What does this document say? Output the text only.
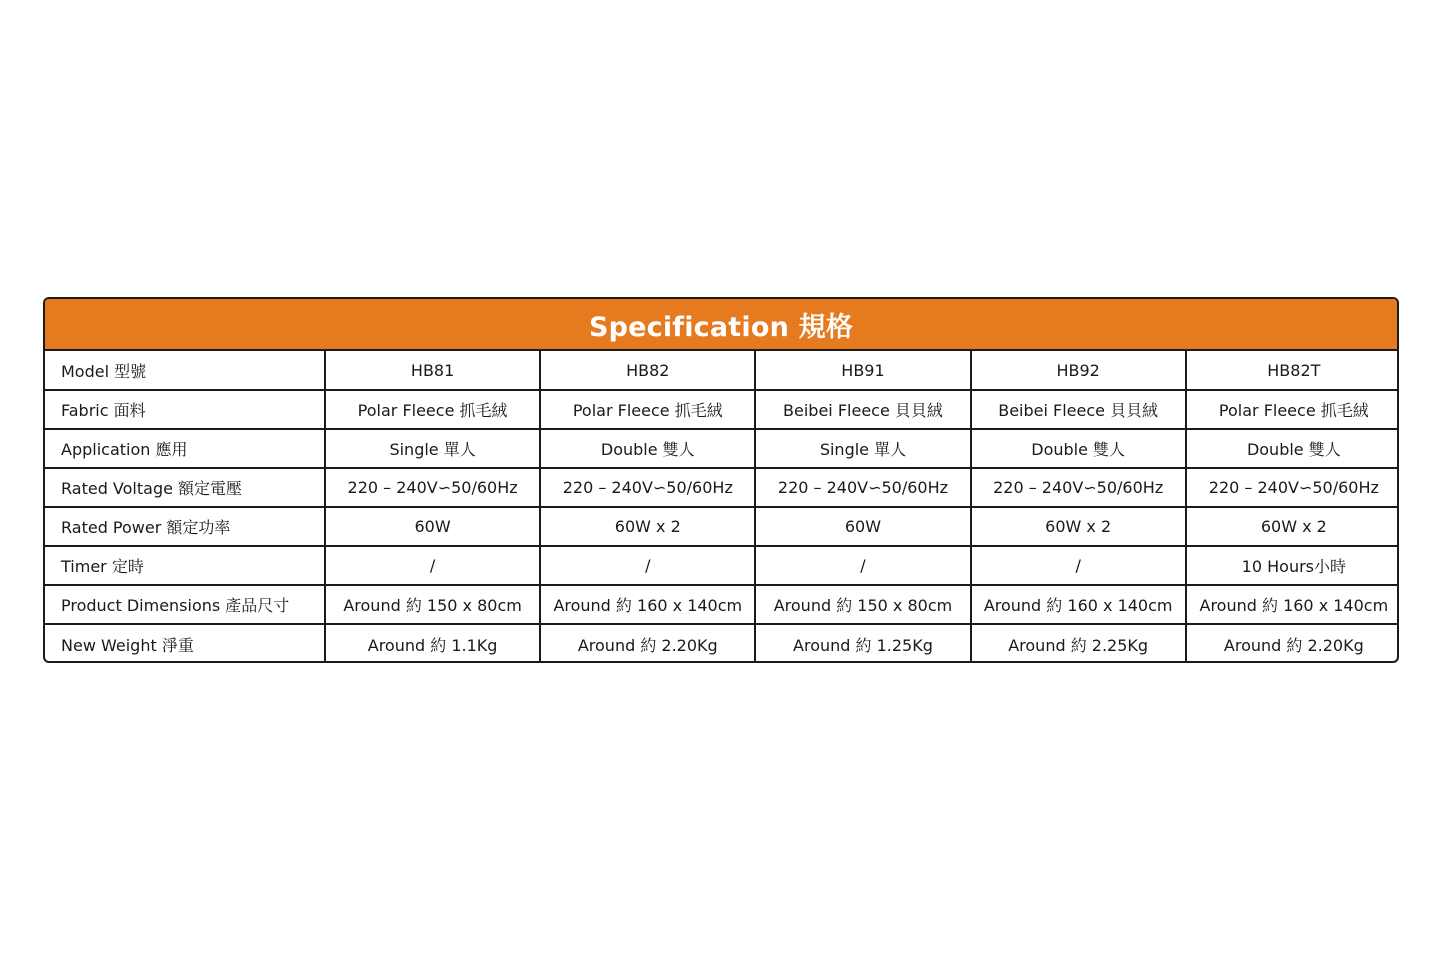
Specification 規格
Model 型號	HB81	HB82	HB91	HB92	HB82T
Fabric 面料	Polar Fleece 抓毛絨	Polar Fleece 抓毛絨	Beibei Fleece 貝貝絨	Beibei Fleece 貝貝絨	Polar Fleece 抓毛絨
Application 應用	Single 單人	Double 雙人	Single 單人	Double 雙人	Double 雙人
Rated Voltage 額定電壓	220 – 240V∽50/60Hz	220 – 240V∽50/60Hz	220 – 240V∽50/60Hz	220 – 240V∽50/60Hz	220 – 240V∽50/60Hz
Rated Power 額定功率	60W	60W x 2	60W	60W x 2	60W x 2
Timer 定時	/	/	/	/	10 Hours小時
Product Dimensions 產品尺寸	Around 約 150 x 80cm	Around 約 160 x 140cm	Around 約 150 x 80cm	Around 約 160 x 140cm	Around 約 160 x 140cm
New Weight 淨重	Around 約 1.1Kg	Around 約 2.20Kg	Around 約 1.25Kg	Around 約 2.25Kg	Around 約 2.20Kg
